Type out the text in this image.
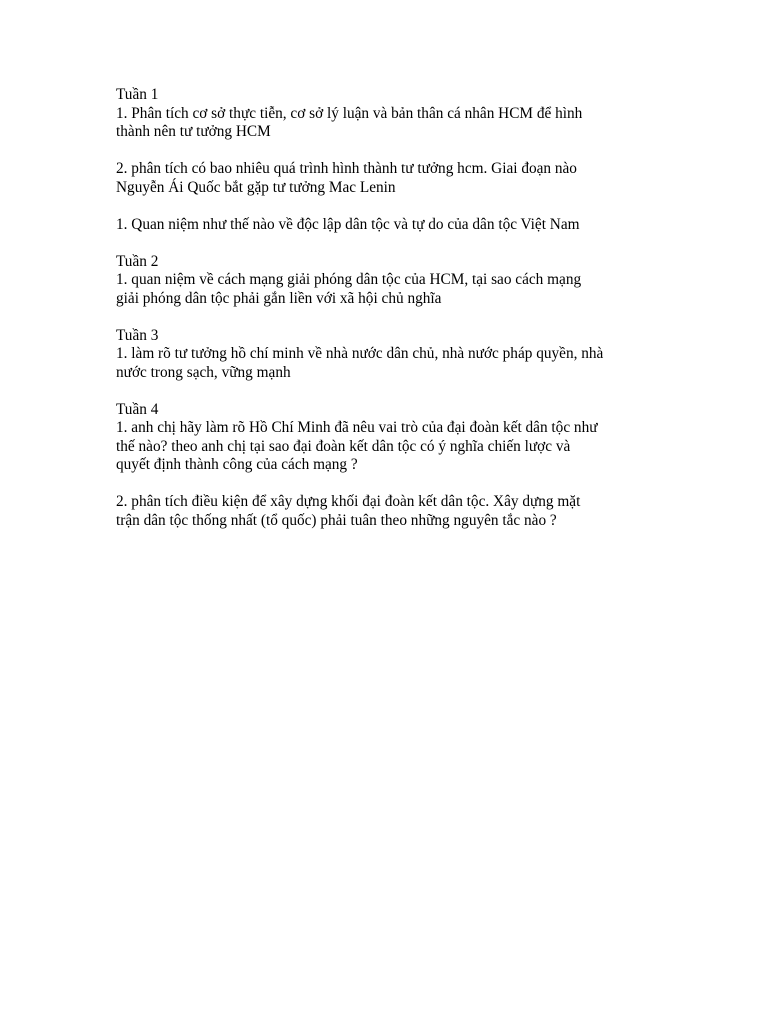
Tuần 1
1. Phân tích cơ sở thực tiễn, cơ sở lý luận và bản thân cá nhân HCM để hình
thành nên tư tưởng HCM
2. phân tích có bao nhiêu quá trình hình thành tư tưởng hcm. Giai đoạn nào
Nguyễn Ái Quốc bắt gặp tư tưởng Mac Lenin
1. Quan niệm như thế nào về độc lập dân tộc và tự do của dân tộc Việt Nam
Tuần 2
1. quan niệm về cách mạng giải phóng dân tộc của HCM, tại sao cách mạng
giải phóng dân tộc phải gắn liền với xã hội chủ nghĩa
Tuần 3
1. làm rõ tư tưởng hồ chí minh về nhà nước dân chủ, nhà nước pháp quyền, nhà
nước trong sạch, vững mạnh
Tuần 4
1. anh chị hãy làm rõ Hồ Chí Minh đã nêu vai trò của đại đoàn kết dân tộc như
thế nào? theo anh chị tại sao đại đoàn kết dân tộc có ý nghĩa chiến lược và
quyết định thành công của cách mạng ?
2. phân tích điều kiện để xây dựng khối đại đoàn kết dân tộc. Xây dựng mặt
trận dân tộc thống nhất (tổ quốc) phải tuân theo những nguyên tắc nào ?
